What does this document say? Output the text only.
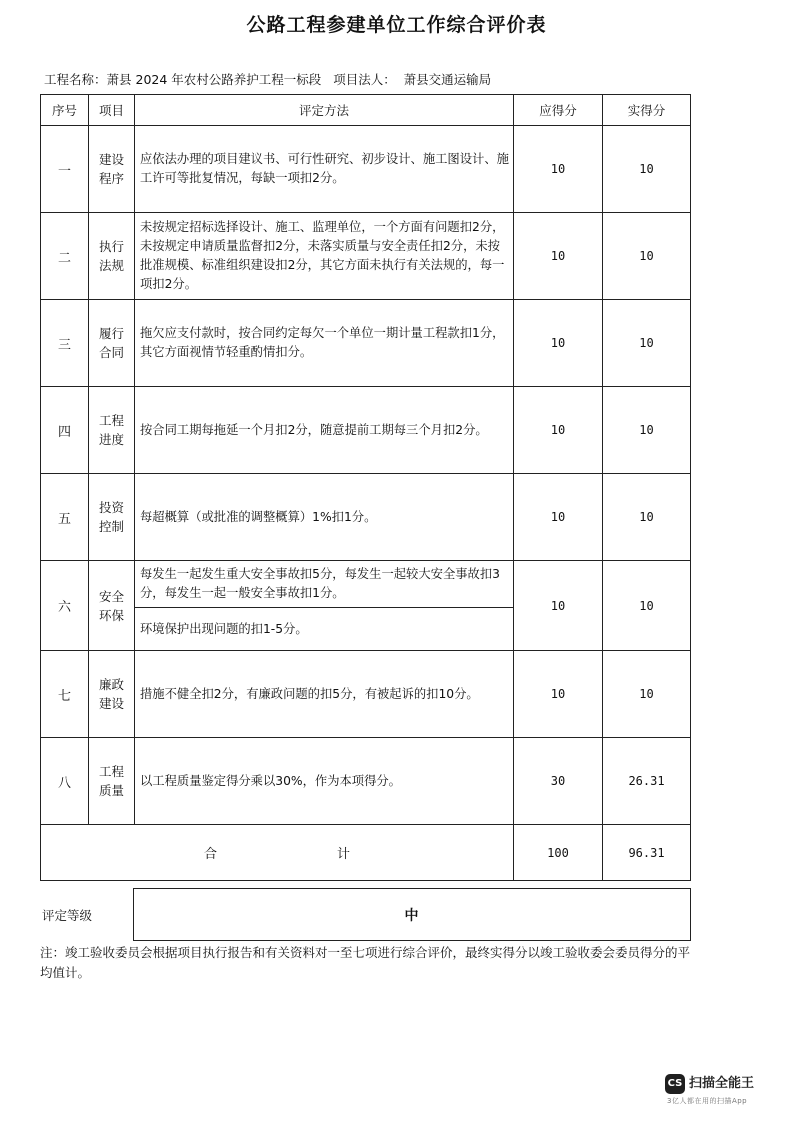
公路工程参建单位工作综合评价表
工程名称：萧县 2024 年农村公路养护工程一标段 项目法人： 萧县交通运输局
序号	项目	评定方法	应得分	实得分
一	建设程序	应依法办理的项目建议书、可行性研究、初步设计、施工图设计、施工许可等批复情况，每缺一项扣2分。	10	10
二	执行法规	未按规定招标选择设计、施工、监理单位，一个方面有问题扣2分，未按规定申请质量监督扣2分，未落实质量与安全责任扣2分，未按批准规模、标准组织建设扣2分，其它方面未执行有关法规的，每一项扣2分。	10	10
三	履行合同	拖欠应支付款时，按合同约定每欠一个单位一期计量工程款扣1分，其它方面视情节轻重酌情扣分。	10	10
四	工程进度	按合同工期每拖延一个月扣2分，随意提前工期每三个月扣2分。	10	10
五	投资控制	每超概算（或批准的调整概算）1%扣1分。	10	10
六	安全环保	每发生一起发生重大安全事故扣5分，每发生一起较大安全事故扣3分，每发生一起一般安全事故扣1分。	10	10
		环境保护出现问题的扣1-5分。		
七	廉政建设	措施不健全扣2分，有廉政问题的扣5分，有被起诉的扣10分。	10	10
八	工程质量	以工程质量鉴定得分乘以30%，作为本项得分。	30	26.31
合 计			100	96.31
评定等级	中
注：竣工验收委员会根据项目执行报告和有关资料对一至七项进行综合评价，最终实得分以竣工验收委会委员得分的平均值计。
CS 扫描全能王
3亿人都在用的扫描App
